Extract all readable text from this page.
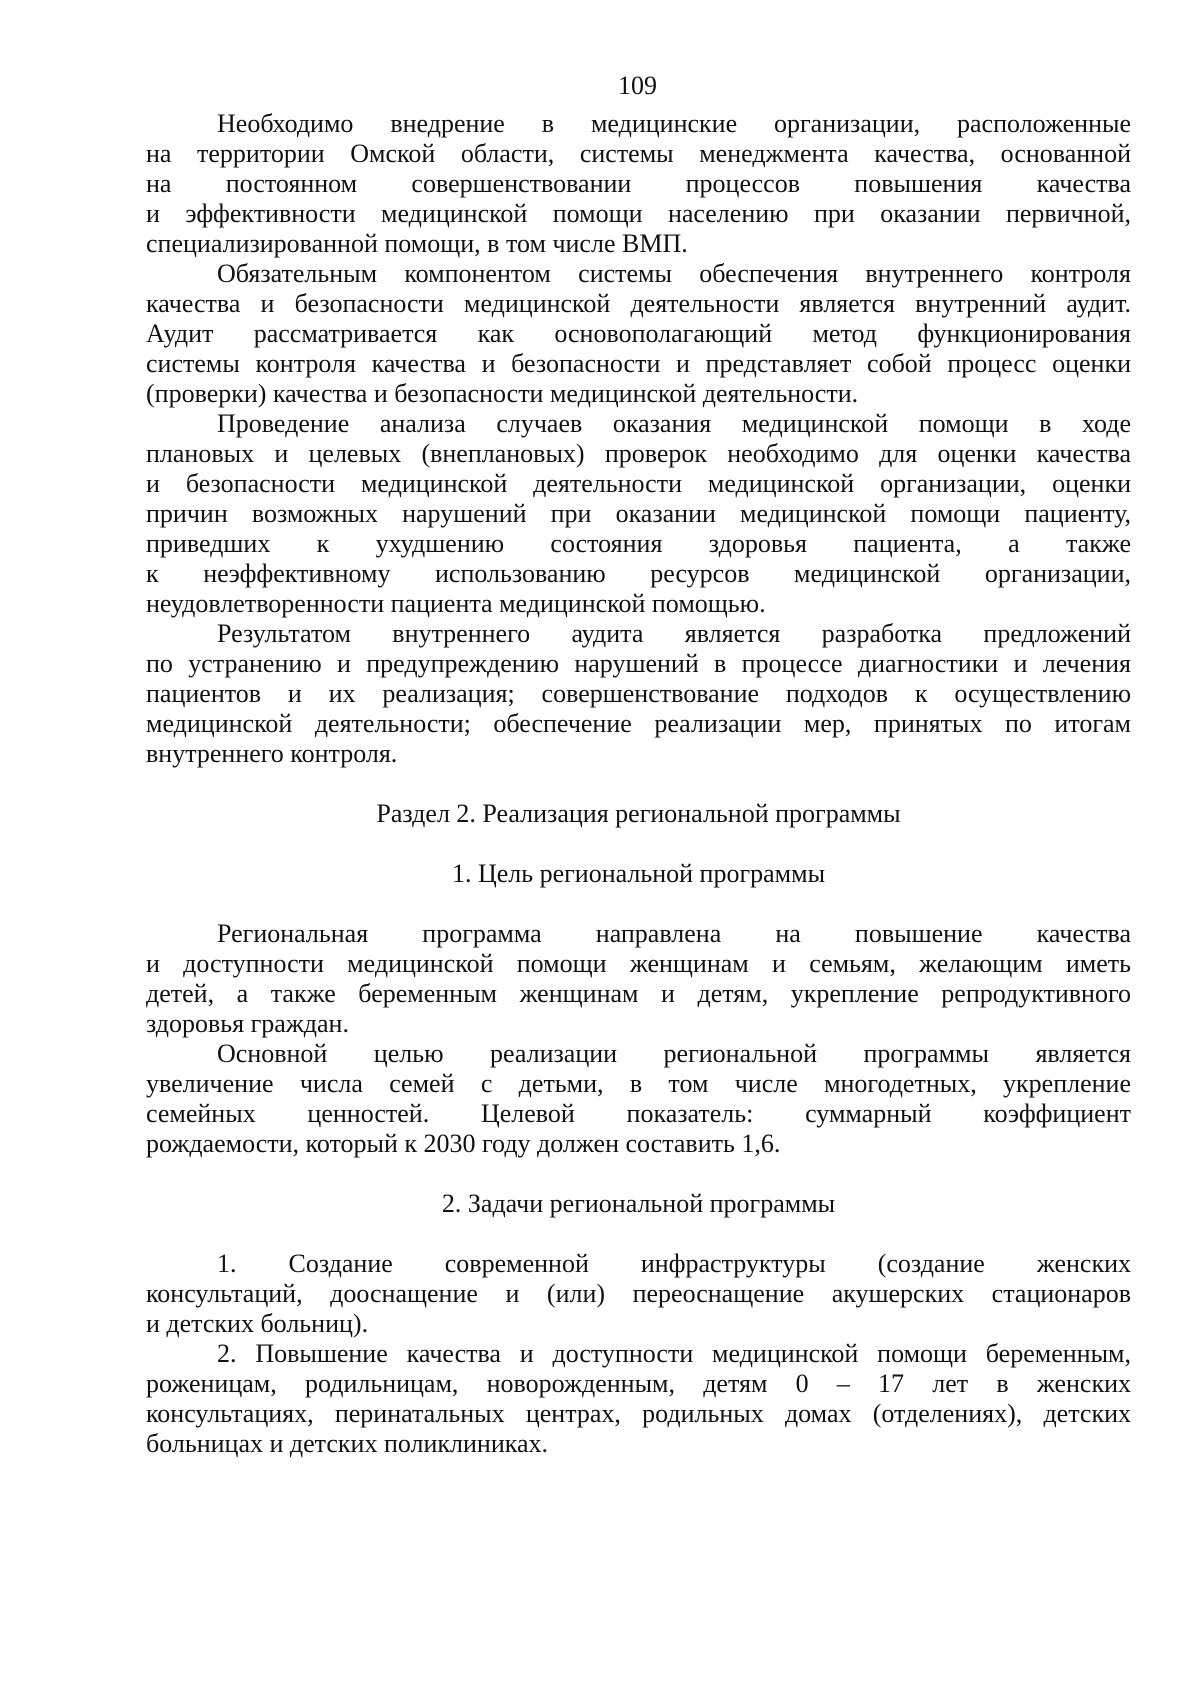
109
Необходимо внедрение в медицинские организации, расположенные
на территории Омской области, системы менеджмента качества, основанной
на постоянном совершенствовании процессов повышения качества
и эффективности медицинской помощи населению при оказании первичной,
специализированной помощи, в том числе ВМП.
Обязательным компонентом системы обеспечения внутреннего контроля
качества и безопасности медицинской деятельности является внутренний аудит.
Аудит рассматривается как основополагающий метод функционирования
системы контроля качества и безопасности и представляет собой процесс оценки
(проверки) качества и безопасности медицинской деятельности.
Проведение анализа случаев оказания медицинской помощи в ходе
плановых и целевых (внеплановых) проверок необходимо для оценки качества
и безопасности медицинской деятельности медицинской организации, оценки
причин возможных нарушений при оказании медицинской помощи пациенту,
приведших к ухудшению состояния здоровья пациента, а также
к неэффективному использованию ресурсов медицинской организации,
неудовлетворенности пациента медицинской помощью.
Результатом внутреннего аудита является разработка предложений
по устранению и предупреждению нарушений в процессе диагностики и лечения
пациентов и их реализация; совершенствование подходов к осуществлению
медицинской деятельности; обеспечение реализации мер, принятых по итогам
внутреннего контроля.
Раздел 2. Реализация региональной программы
1. Цель региональной программы
Региональная программа направлена на повышение качества
и доступности медицинской помощи женщинам и семьям, желающим иметь
детей, а также беременным женщинам и детям, укрепление репродуктивного
здоровья граждан.
Основной целью реализации региональной программы является
увеличение числа семей с детьми, в том числе многодетных, укрепление
семейных ценностей. Целевой показатель: суммарный коэффициент
рождаемости, который к 2030 году должен составить 1,6.
2. Задачи региональной программы
1. Создание современной инфраструктуры (создание женских
консультаций, дооснащение и (или) переоснащение акушерских стационаров
и детских больниц).
2. Повышение качества и доступности медицинской помощи беременным,
роженицам, родильницам, новорожденным, детям 0 – 17 лет в женских
консультациях, перинатальных центрах, родильных домах (отделениях), детских
больницах и детских поликлиниках.
